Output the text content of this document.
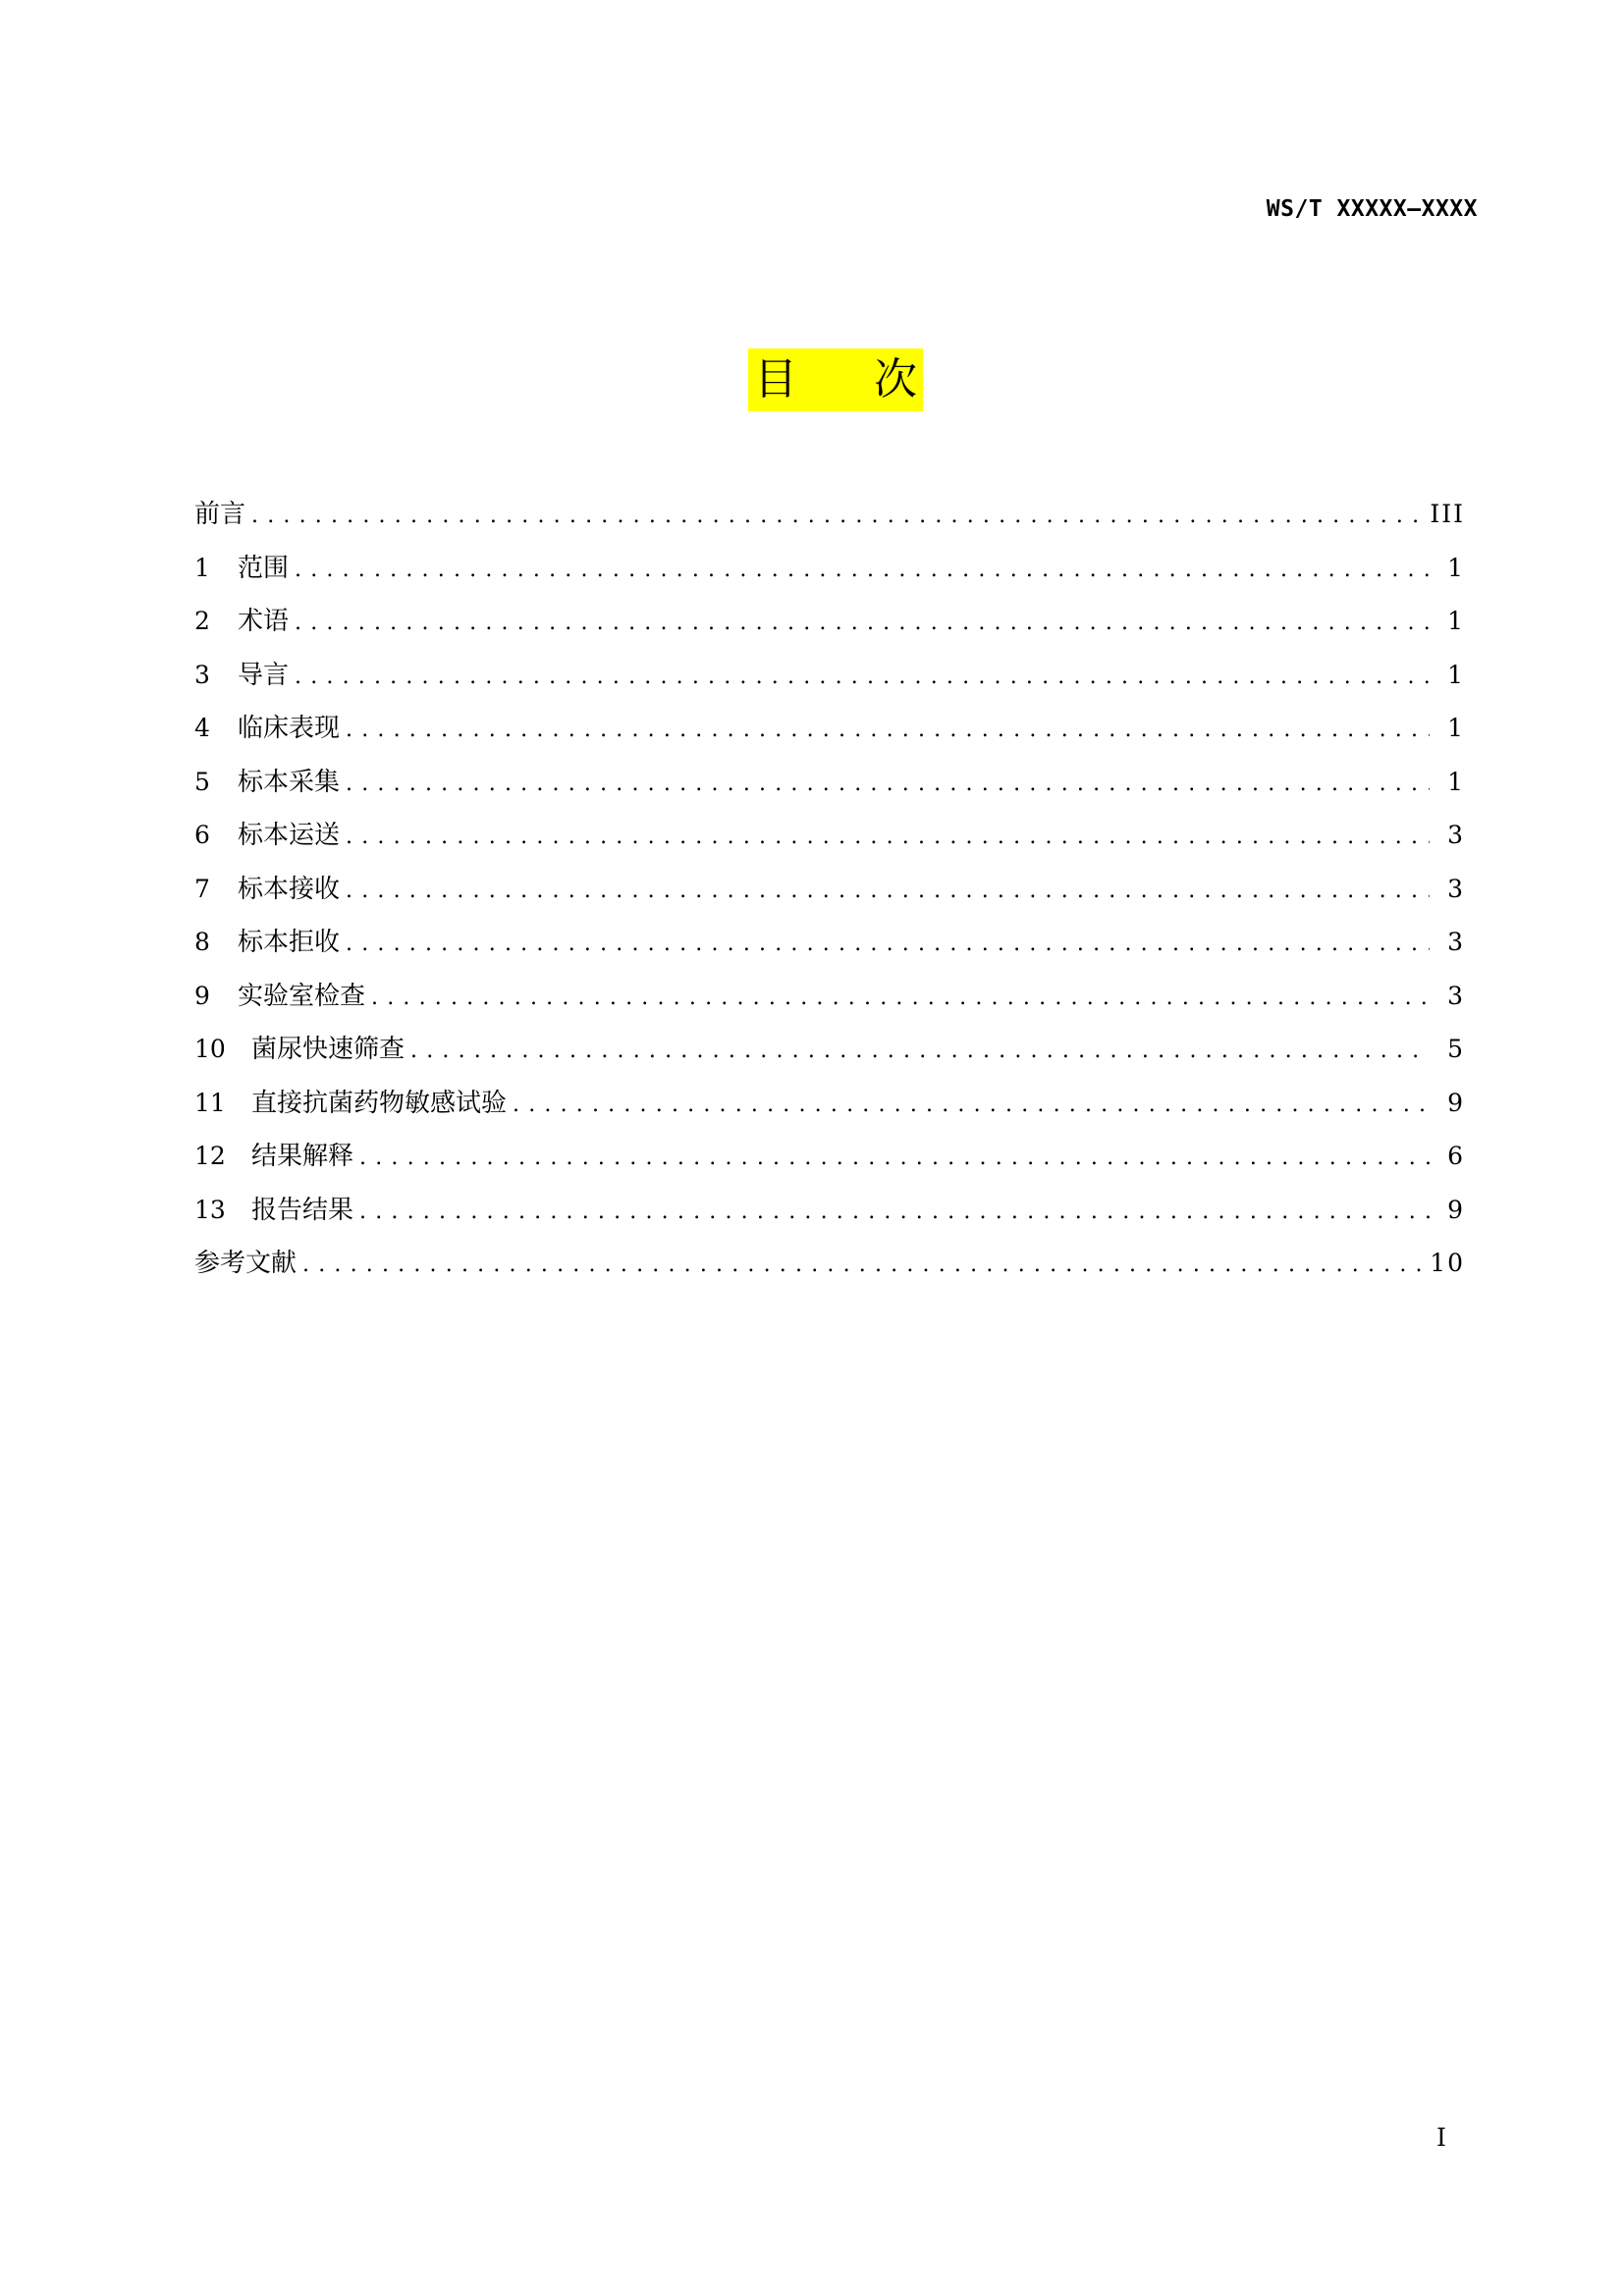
WS/T XXXXX—XXXX
目 次
前言 .....	III
1	范围 .....	1
2	术语 .....	1
3	导言 .....	1
4	临床表现 .....	1
5	标本采集 .....	1
6	标本运送 .....	3
7	标本接收 .....	3
8	标本拒收 .....	3
9	实验室检查 .....	3
10	菌尿快速筛查 .....	5
11	直接抗菌药物敏感试验 .....	9
12	结果解释 .....	6
13	报告结果 .....	9
参考文献 .....	10
I
